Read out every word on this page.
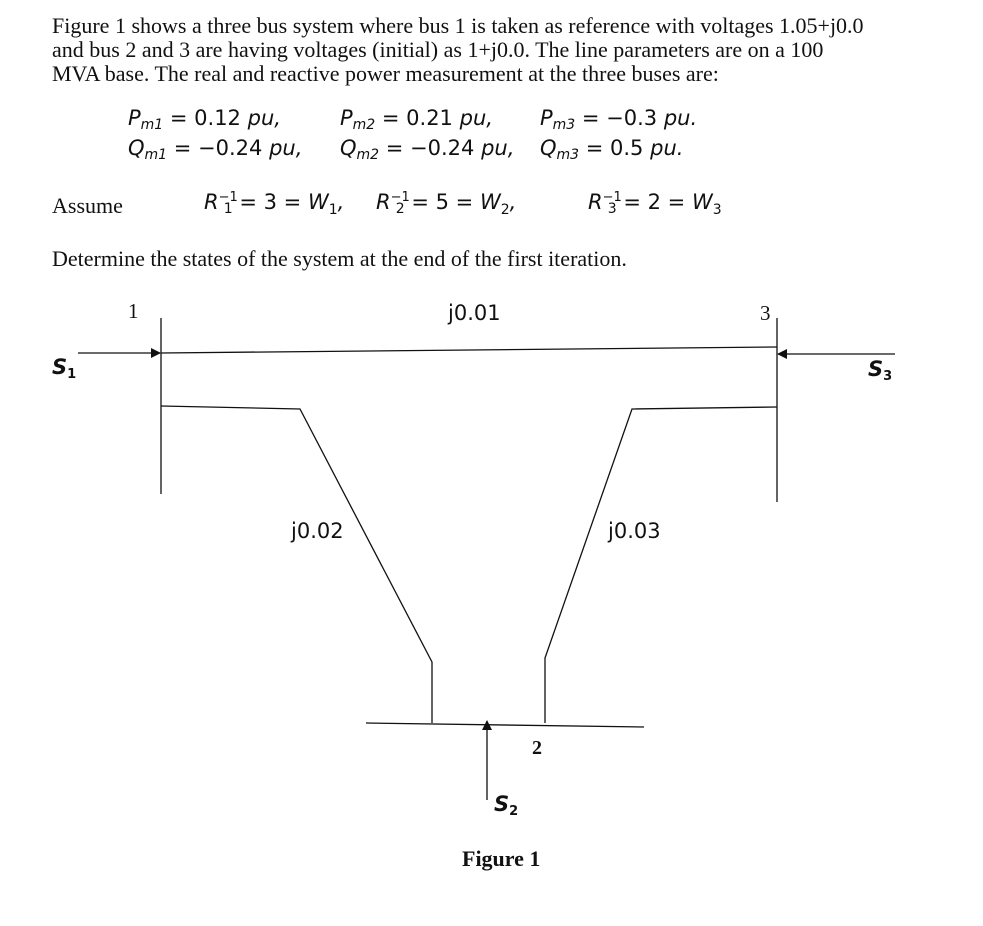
Figure 1 shows a three bus system where bus 1 is taken as reference with voltages 1.05+j0.0
and bus 2 and 3 are having voltages (initial) as 1+j0.0. The line parameters are on a 100
MVA base. The real and reactive power measurement at the three buses are:
$P_{m1} = 0.12$ pu,	$P_{m2} = 0.21$ pu, $P_{m3} = -0.3$ pu.
$Q_{m1} = -0.24$ pu, $Q_{m2} = -0.24$ pu, $Q_{m3} = 0.5$ pu.
Assume	$R^{-1}_1 = 3 = W_1$, $R^{-1}_2 = 5 = W_2$,	$R^{-1}_3 = 2 = W_3$
Determine the states of the system at the end of the first iteration.
1	3
2
j0.01
j0.02	j0.03
$S_1$	$S_3$
$S_2$
Figure 1
